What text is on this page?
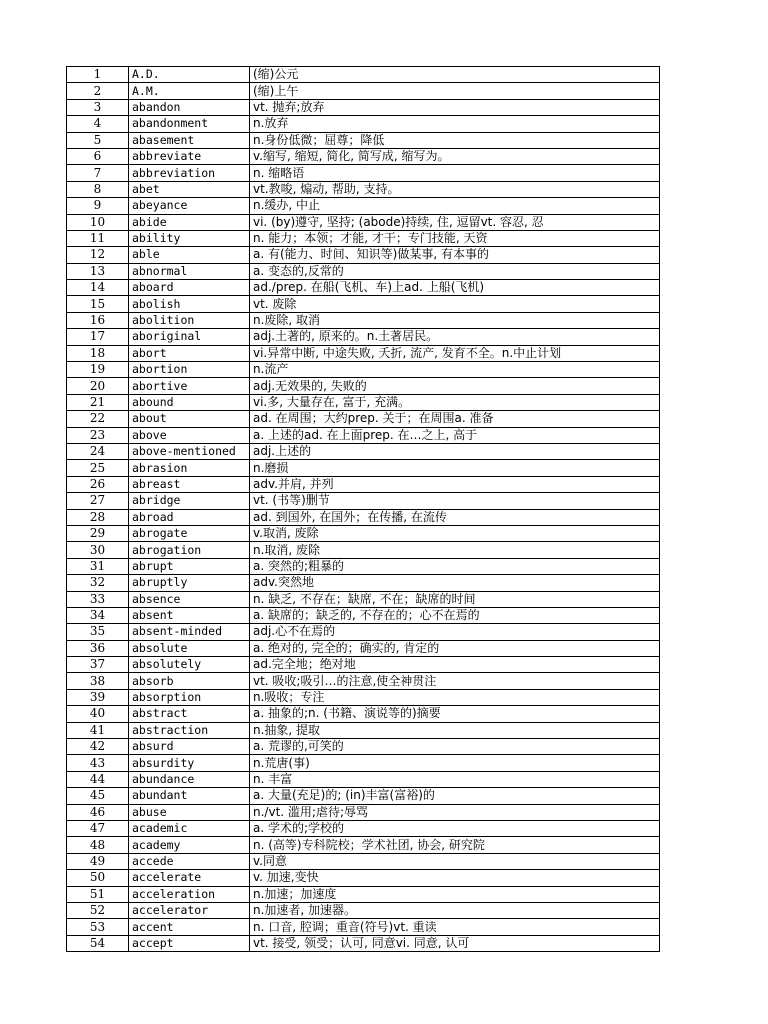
1	A.D.	(缩)公元
2	A.M.	(缩)上午
3	abandon	vt. 抛弃;放弃
4	abandonment	n.放弃
5	abasement	n.身份低微；屈尊；降低
6	abbreviate	v.缩写, 缩短, 简化, 简写成, 缩写为。
7	abbreviation	n. 缩略语
8	abet	vt.教唆, 煽动, 帮助, 支持。
9	abeyance	n.缓办, 中止
10	abide	vi. (by)遵守, 坚持; (abode)持续, 住, 逗留vt. 容忍, 忍
11	ability	n. 能力；本领；才能, 才干；专门技能, 天资
12	able	a. 有(能力、时间、知识等)做某事, 有本事的
13	abnormal	a. 变态的,反常的
14	aboard	ad./prep. 在船(飞机、车)上ad. 上船(飞机)
15	abolish	vt. 废除
16	abolition	n.废除, 取消
17	aboriginal	adj.土著的, 原来的。n.土著居民。
18	abort	vi.异常中断, 中途失败, 夭折, 流产, 发育不全。n.中止计划
19	abortion	n.流产
20	abortive	adj.无效果的, 失败的
21	abound	vi.多, 大量存在, 富于, 充满。
22	about	ad. 在周围；大约prep. 关于；在周围a. 准备
23	above	a. 上述的ad. 在上面prep. 在…之上, 高于
24	above-mentioned	adj.上述的
25	abrasion	n.磨损
26	abreast	adv.并肩, 并列
27	abridge	vt. (书等)删节
28	abroad	ad. 到国外, 在国外；在传播, 在流传
29	abrogate	v.取消, 废除
30	abrogation	n.取消, 废除
31	abrupt	a. 突然的;粗暴的
32	abruptly	adv.突然地
33	absence	n. 缺乏, 不存在；缺席, 不在；缺席的时间
34	absent	a. 缺席的；缺乏的, 不存在的；心不在焉的
35	absent-minded	adj.心不在焉的
36	absolute	a. 绝对的, 完全的；确实的, 肯定的
37	absolutely	ad.完全地；绝对地
38	absorb	vt. 吸收;吸引…的注意,使全神贯注
39	absorption	n.吸收；专注
40	abstract	a. 抽象的;n. (书籍、演说等的)摘要
41	abstraction	n.抽象, 提取
42	absurd	a. 荒谬的,可笑的
43	absurdity	n.荒唐(事)
44	abundance	n. 丰富
45	abundant	a. 大量(充足)的; (in)丰富(富裕)的
46	abuse	n./vt. 滥用;虐待;辱骂
47	academic	a. 学术的;学校的
48	academy	n. (高等)专科院校；学术社团, 协会, 研究院
49	accede	v.同意
50	accelerate	v. 加速,变快
51	acceleration	n.加速；加速度
52	accelerator	n.加速者, 加速器。
53	accent	n. 口音, 腔调；重音(符号)vt. 重读
54	accept	vt. 接受, 领受；认可, 同意vi. 同意, 认可
